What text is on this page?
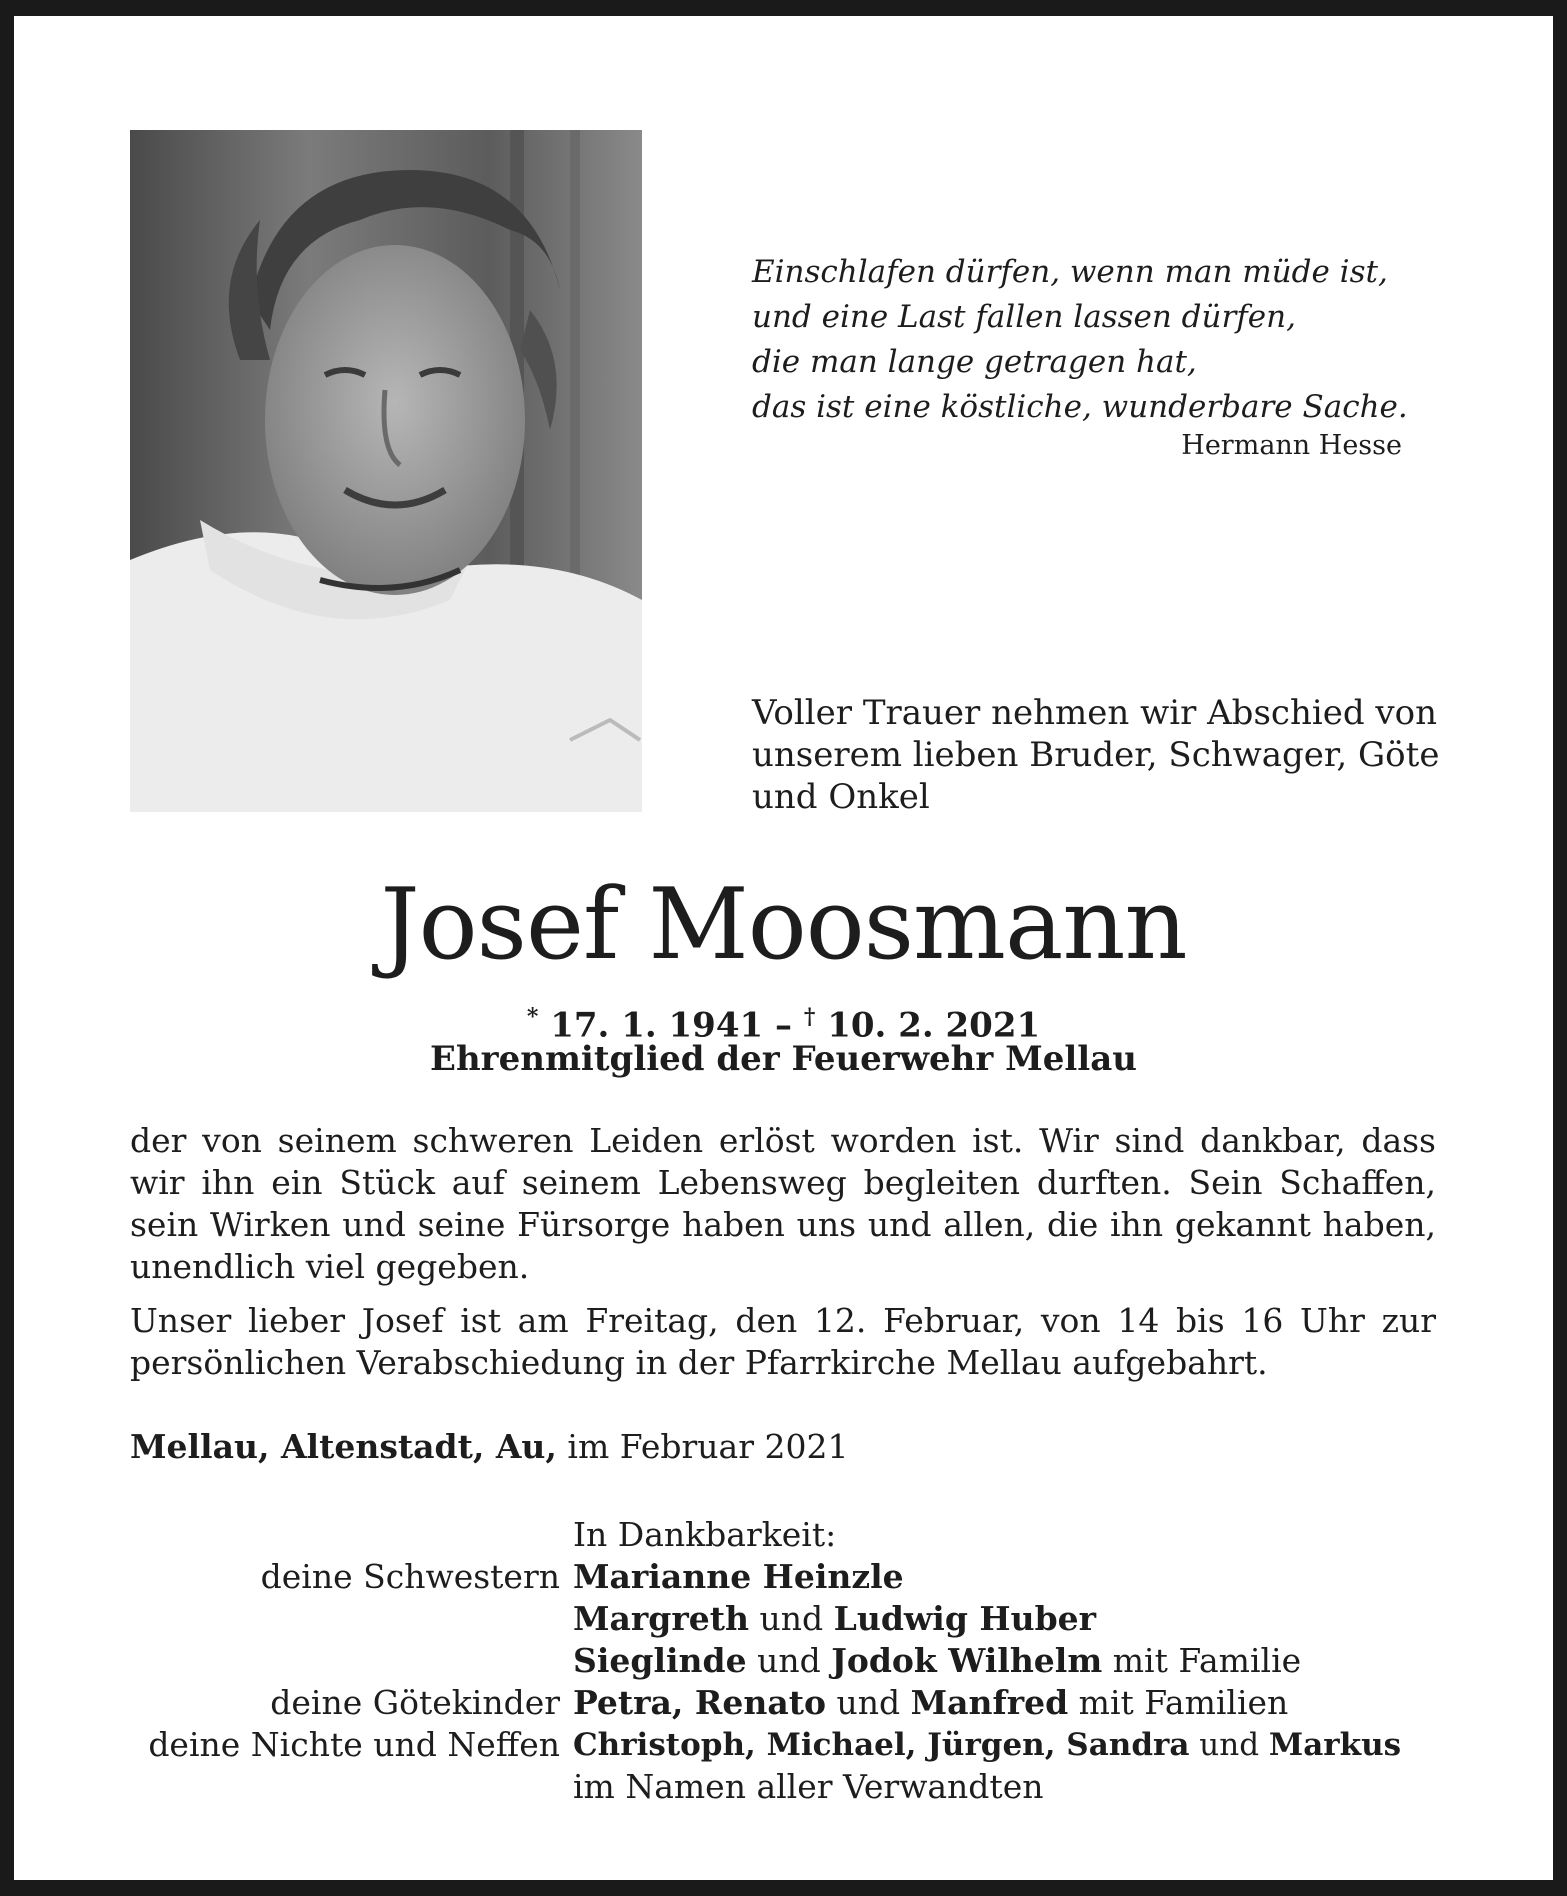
Einschlafen dürfen, wenn man müde ist,
und eine Last fallen lassen dürfen,
die man lange getragen hat,
das ist eine köstliche, wunderbare Sache.
Hermann Hesse
Voller Trauer nehmen wir Abschied von
unserem lieben Bruder, Schwager, Göte
und Onkel
Josef Moosmann
* 17. 1. 1941 – † 10. 2. 2021
Ehrenmitglied der Feuerwehr Mellau
der von seinem schweren Leiden erlöst worden ist. Wir sind dankbar, dass wir ihn ein Stück auf seinem Lebensweg begleiten durften. Sein Schaffen, sein Wirken und seine Fürsorge haben uns und allen, die ihn gekannt haben, unendlich viel gegeben.
Unser lieber Josef ist am Freitag, den 12. Februar, von 14 bis 16 Uhr zur persönlichen Verabschiedung in der Pfarrkirche Mellau aufgebahrt.
Mellau, Altenstadt, Au, im Februar 2021
In Dankbarkeit:
deine Schwestern Marianne Heinzle
Margreth und Ludwig Huber
Sieglinde und Jodok Wilhelm mit Familie
deine Götekinder Petra, Renato und Manfred mit Familien
deine Nichte und Neffen Christoph, Michael, Jürgen, Sandra und Markus
im Namen aller Verwandten
